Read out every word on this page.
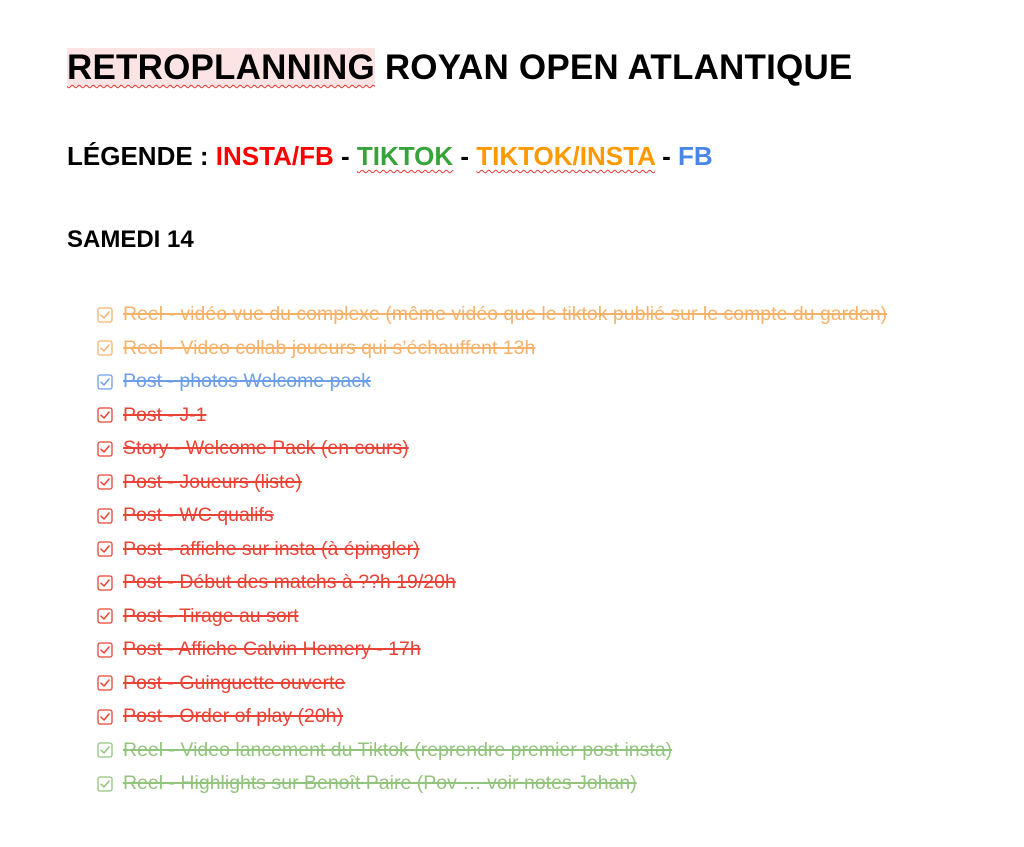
RETROPLANNING ROYAN OPEN ATLANTIQUE
LÉGENDE : INSTA/FB - TIKTOK - TIKTOK/INSTA - FB
SAMEDI 14
Reel - vidéo vue du complexe (même vidéo que le tiktok publié sur le compte du garden)
Reel - Video collab joueurs qui s’échauffent 13h
Post - photos Welcome pack
Post - J-1
Story - Welcome Pack (en cours)
Post - Joueurs (liste)
Post - WC qualifs
Post - affiche sur insta (à épingler)
Post - Début des matchs à ??h 19/20h
Post - Tirage au sort
Post - Affiche Calvin Hemery - 17h
Post - Guinguette ouverte
Post - Order of play (20h)
Reel - Video lancement du Tiktok (reprendre premier post insta)
Reel - Highlights sur Benoît Paire (Pov … voir notes Johan)
